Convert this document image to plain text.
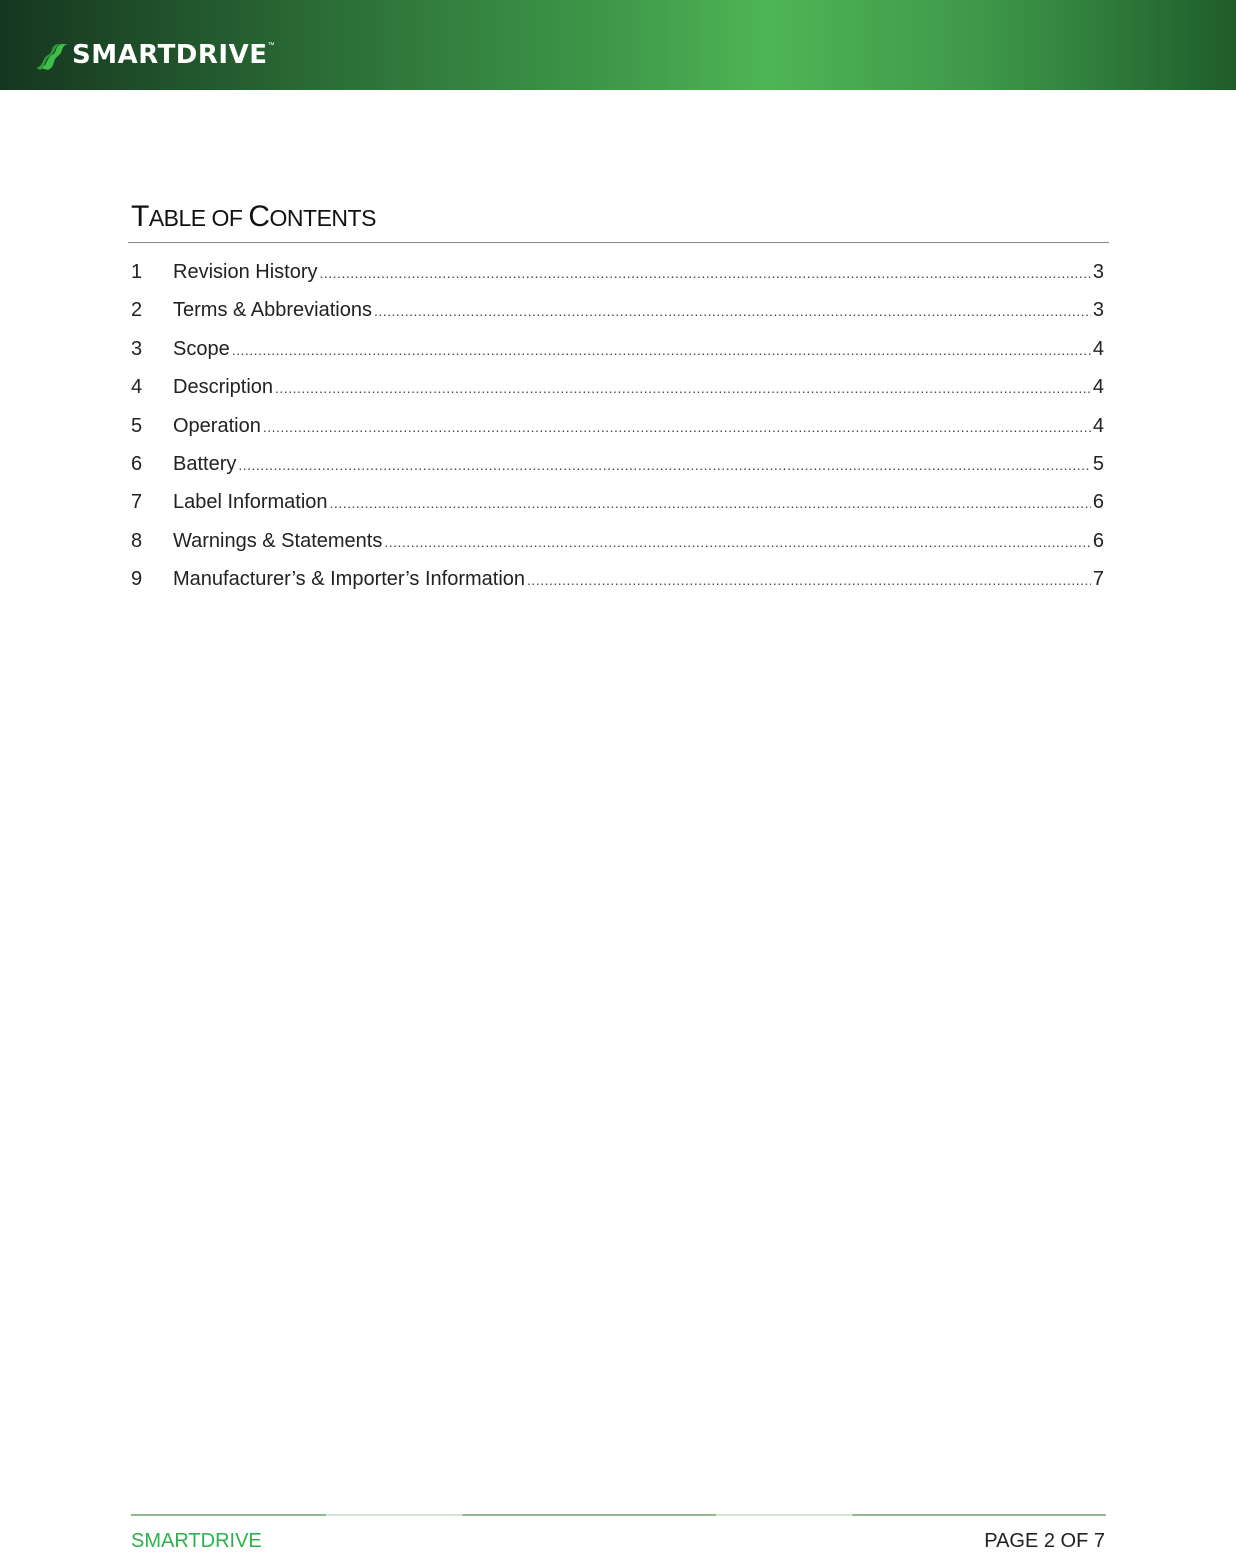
SMARTDRIVE ™
TABLE OF CONTENTS
1	Revision History .....	3
2	Terms & Abbreviations .....	3
3	Scope .....	4
4	Description .....	4
5	Operation .....	4
6	Battery .....	5
7	Label Information .....	6
8	Warnings & Statements .....	6
9	Manufacturer’s & Importer’s Information .....	7
SMARTDRIVE	PAGE 2 OF 7
